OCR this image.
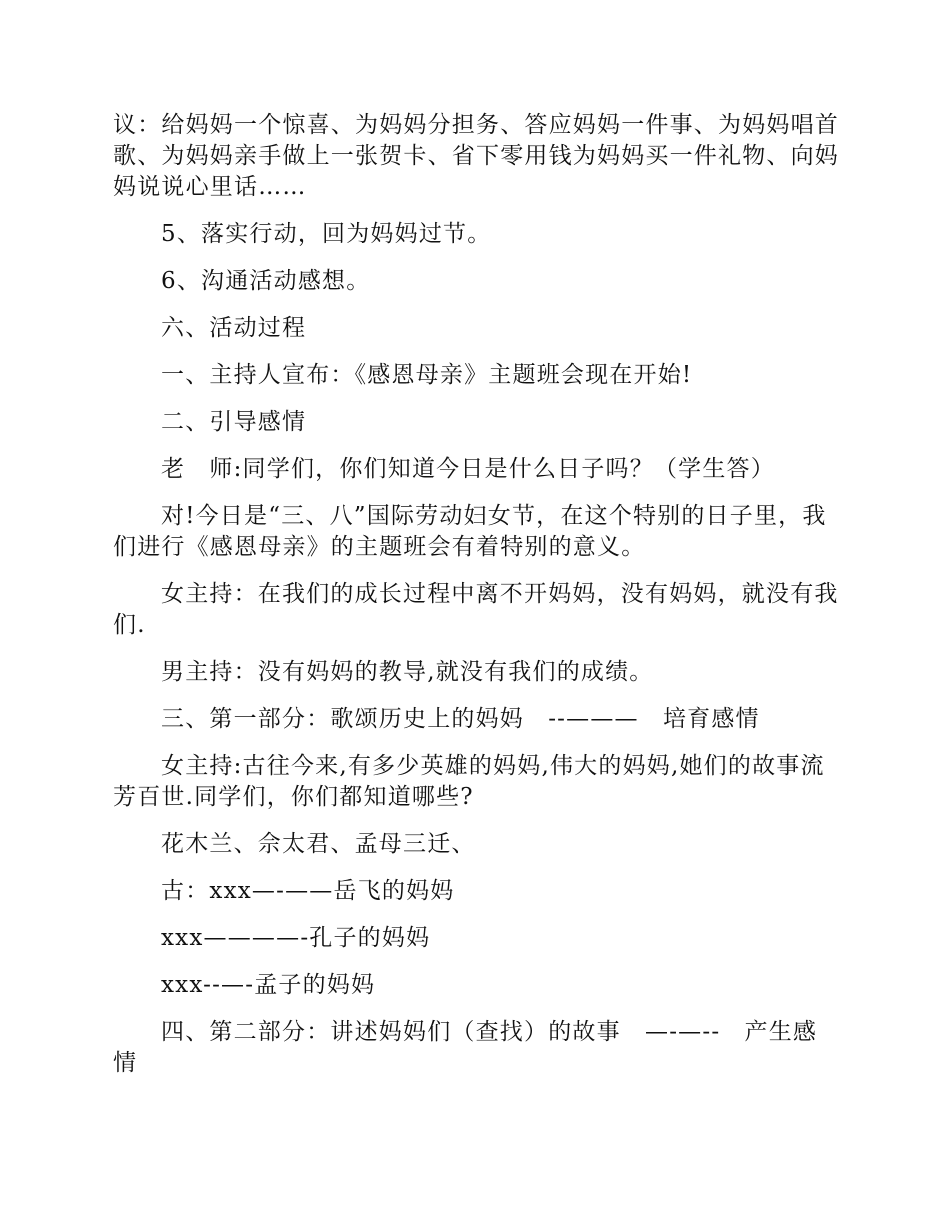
议：给妈妈一个惊喜、为妈妈分担务、答应妈妈一件事、为妈妈唱首歌、为妈妈亲手做上一张贺卡、省下零用钱为妈妈买一件礼物、向妈妈说说心里话……

5、落实行动，回为妈妈过节。

6、沟通活动感想。

六、活动过程

一、主持人宣布：《感恩母亲》主题班会现在开始!

二、引导感情

老　师:同学们，你们知道今日是什么日子吗？（学生答）

对!今日是“三、八”国际劳动妇女节，在这个特别的日子里，我们进行《感恩母亲》的主题班会有着特别的意义。

女主持：在我们的成长过程中离不开妈妈，没有妈妈，就没有我们.

男主持：没有妈妈的教导,就没有我们的成绩。

三、第一部分：歌颂历史上的妈妈　--———　培育感情

女主持:古往今来,有多少英雄的妈妈,伟大的妈妈,她们的故事流芳百世.同学们，你们都知道哪些?

花木兰、佘太君、孟母三迁、

古：xxx—-——岳飞的妈妈

xxx————-孔子的妈妈

xxx--—-孟子的妈妈

四、第二部分：讲述妈妈们（查找）的故事　—-—--　产生感情
